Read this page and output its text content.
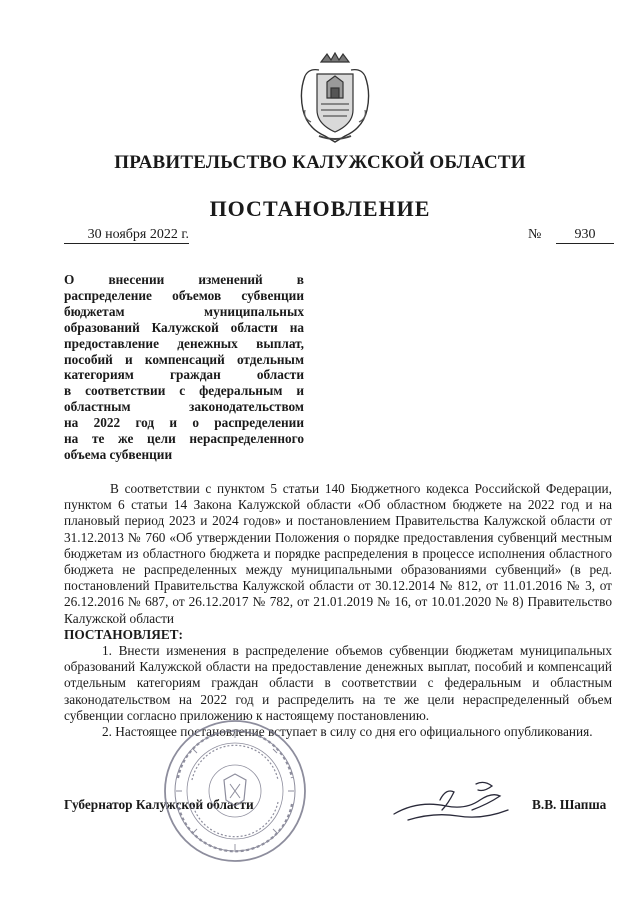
ПРАВИТЕЛЬСТВО КАЛУЖСКОЙ ОБЛАСТИ
ПОСТАНОВЛЕНИЕ
30 ноября 2022 г.	№	930
О внесении изменений в
распределение объемов субвенции
бюджетам муниципальных
образований Калужской области на
предоставление денежных выплат,
пособий и компенсаций отдельным
категориям граждан области
в соответствии с федеральным и
областным законодательством
на 2022 год и о распределении
на те же цели нераспределенного
объема субвенции

В соответствии с пунктом 5 статьи 140 Бюджетного кодекса Российской Федерации, пунктом 6 статьи 14 Закона Калужской области «Об областном бюджете на 2022 год и на плановый период 2023 и 2024 годов» и постановлением Правительства Калужской области от 31.12.2013 № 760 «Об утверждении Положения о порядке предоставления субвенций местным бюджетам из областного бюджета и порядке распределения в процессе исполнения областного бюджета не распределенных между муниципальными образованиями субвенций» (в ред. постановлений Правительства Калужской области от 30.12.2014 № 812, от 11.01.2016 № 3, от 26.12.2016 № 687, от 26.12.2017 № 782, от 21.01.2019 № 16, от 10.01.2020 № 8) Правительство Калужской области
ПОСТАНОВЛЯЕТ:

1. Внести изменения в распределение объемов субвенции бюджетам муниципальных образований Калужской области на предоставление денежных выплат, пособий и компенсаций отдельным категориям граждан области в соответствии с федеральным и областным законодательством на 2022 год и распределить на те же цели нераспределенный объем субвенции согласно приложению к настоящему постановлению.

2. Настоящее постановление вступает в силу со дня его официального опубликования.

Губернатор Калужской области	В.В. Шапша
